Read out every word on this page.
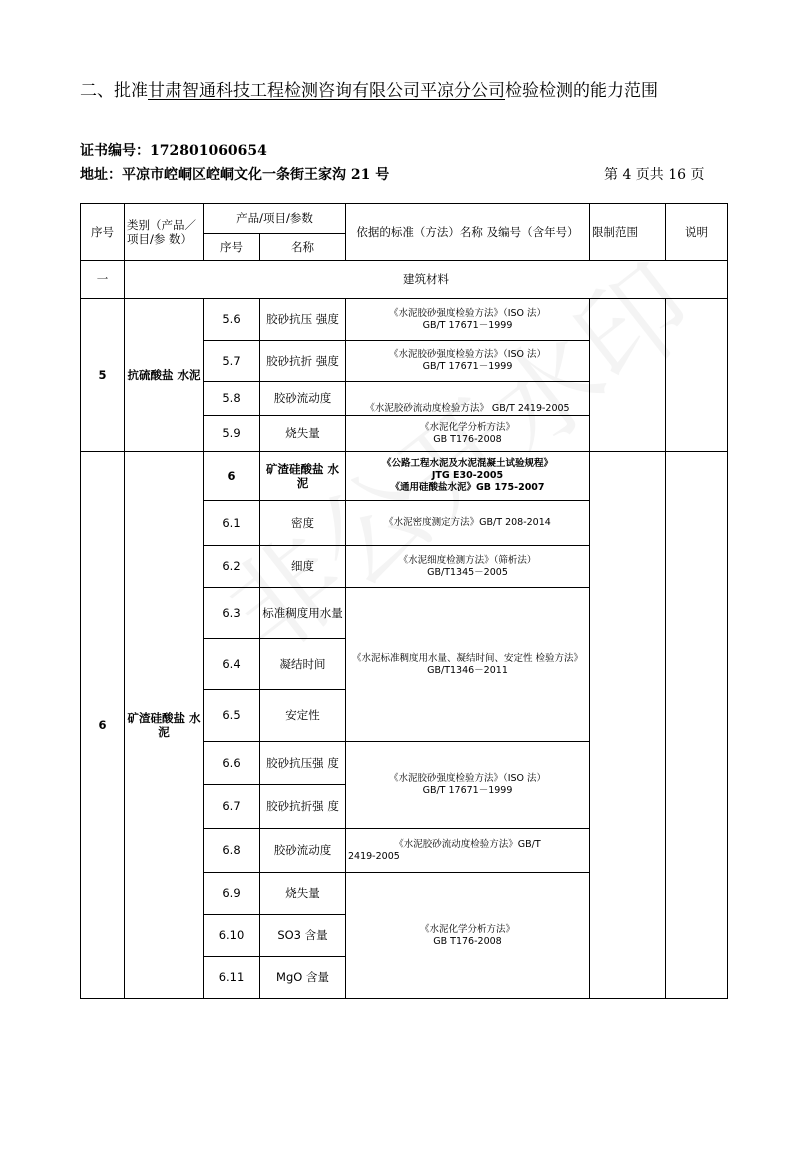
二、批准甘肃智通科技工程检测咨询有限公司平凉分公司检验检测的能力范围
证书编号：172801060654
地址：平凉市崆峒区崆峒文化一条街王家沟 21 号	第 4 页共 16 页
序号	类别（产品／项目/参 数）	产品/项目/参数		依据的标准（方法）名称 及编号（含年号）	限制范围	说明
		序号	名称			
一	建筑材料					
5	抗硫酸盐 水泥	5.6	胶砂抗压 强度	《水泥胶砂强度检验方法》（ISO 法）
GB/T 17671－1999		

		5.7	胶砂抗折 强度	《水泥胶砂强度检验方法》（ISO 法）
GB/T 17671－1999		

		5.8	胶砂流动度	《水泥胶砂流动度检验方法》 GB/T 2419-2005		
		5.9	烧失量	《水泥化学分析方法》
GB T176-2008		

6	矿渣硅酸盐 水泥	6	矿渣硅酸盐 水泥	《公路工程水泥及水泥混凝土试验规程》
JTG E30-2005
《通用硅酸盐水泥》GB 175-2007		

		6.1	密度	《水泥密度测定方法》GB/T 208-2014		
		6.2	细度	《水泥细度检测方法》（筛析法）
GB/T1345－2005		

		6.3	标准稠度用水量	《水泥标准稠度用水量、凝结时间、安定性 检验方法》
GB/T1346－2011		

		6.4	凝结时间			
		6.5	安定性			
		6.6	胶砂抗压强 度	《水泥胶砂强度检验方法》（ISO 法）
GB/T 17671－1999		

		6.7	胶砂抗折强 度			
		6.8	胶砂流动度	《水泥胶砂流动度检验方法》GB/T
2419-2005		

		6.9	烧失量	《水泥化学分析方法》
GB T176-2008		

		6.10	SO3 含量			
		6.11	MgO 含量			
